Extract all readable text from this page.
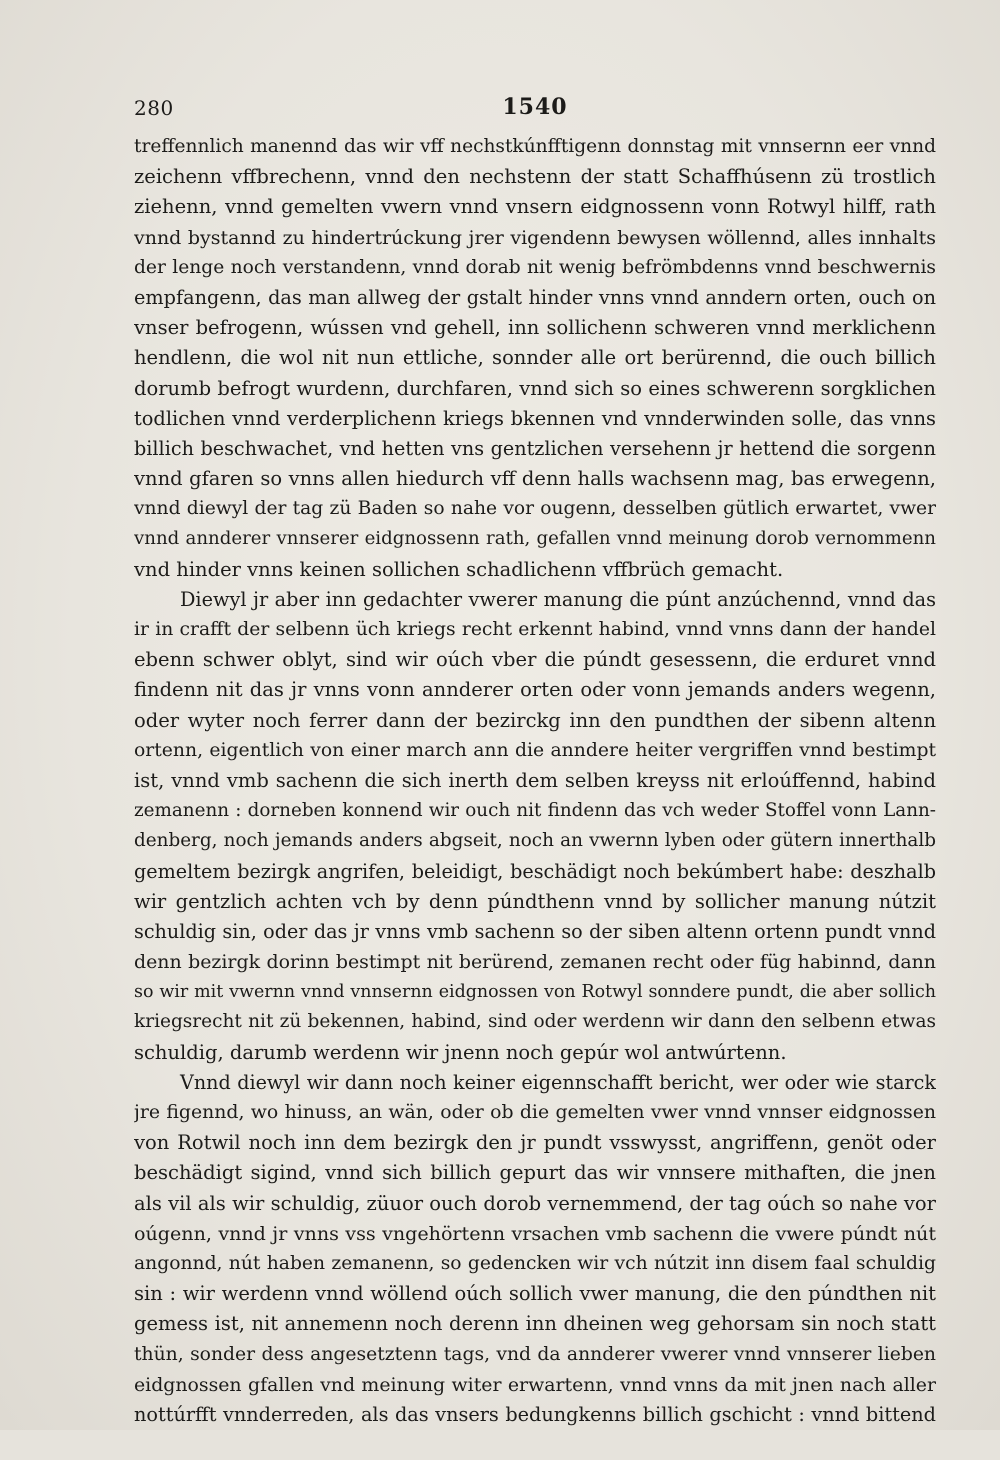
280	1540
treffennlich manennd das wir vff nechstkúnfftigenn donnstag mit vnnsernn eer vnnd
zeichenn vffbrechenn, vnnd den nechstenn der statt Schaffhúsenn zü trostlich
ziehenn, vnnd gemelten vwern vnnd vnsern eidgnossenn vonn Rotwyl hilff, rath
vnnd bystannd zu hindertrúckung jrer vigendenn bewysen wöllennd, alles innhalts
der lenge noch verstandenn, vnnd dorab nit wenig befrömbdenns vnnd beschwernis
empfangenn, das man allweg der gstalt hinder vnns vnnd anndern orten, ouch on
vnser befrogenn, wússen vnd gehell, inn sollichenn schweren vnnd merklichenn
hendlenn, die wol nit nun ettliche, sonnder alle ort berürennd, die ouch billich
dorumb befrogt wurdenn, durchfaren, vnnd sich so eines schwerenn sorgklichen
todlichen vnnd verderplichenn kriegs bkennen vnd vnnderwinden solle, das vnns
billich beschwachet, vnd hetten vns gentzlichen versehenn jr hettend die sorgenn
vnnd gfaren so vnns allen hiedurch vff denn halls wachsenn mag, bas erwegenn,
vnnd diewyl der tag zü Baden so nahe vor ougenn, desselben gütlich erwartet, vwer
vnnd annderer vnnserer eidgnossenn rath, gefallen vnnd meinung dorob vernommenn
vnd hinder vnns keinen sollichen schadlichenn vffbrüch gemacht.
Diewyl jr aber inn gedachter vwerer manung die púnt anzúchennd, vnnd das
ir in crafft der selbenn üch kriegs recht erkennt habind, vnnd vnns dann der handel
ebenn schwer oblyt, sind wir oúch vber die púndt gesessenn, die erduret vnnd
findenn nit das jr vnns vonn annderer orten oder vonn jemands anders wegenn,
oder wyter noch ferrer dann der bezirckg inn den pundthen der sibenn altenn
ortenn, eigentlich von einer march ann die anndere heiter vergriffen vnnd bestimpt
ist, vnnd vmb sachenn die sich inerth dem selben kreyss nit erloúffennd, habind
zemanenn : dorneben konnend wir ouch nit findenn das vch weder Stoffel vonn Lann-
denberg, noch jemands anders abgseit, noch an vwernn lyben oder gütern innerthalb
gemeltem bezirgk angrifen, beleidigt, beschädigt noch bekúmbert habe: deszhalb
wir gentzlich achten vch by denn púndthenn vnnd by sollicher manung nútzit
schuldig sin, oder das jr vnns vmb sachenn so der siben altenn ortenn pundt vnnd
denn bezirgk dorinn bestimpt nit berürend, zemanen recht oder füg habinnd, dann
so wir mit vwernn vnnd vnnsernn eidgnossen von Rotwyl sonndere pundt, die aber sollich
kriegsrecht nit zü bekennen, habind, sind oder werdenn wir dann den selbenn etwas
schuldig, darumb werdenn wir jnenn noch gepúr wol antwúrtenn.
Vnnd diewyl wir dann noch keiner eigennschafft bericht, wer oder wie starck
jre figennd, wo hinuss, an wän, oder ob die gemelten vwer vnnd vnnser eidgnossen
von Rotwil noch inn dem bezirgk den jr pundt vsswysst, angriffenn, genöt oder
beschädigt sigind, vnnd sich billich gepurt das wir vnnsere mithaften, die jnen
als vil als wir schuldig, züuor ouch dorob vernemmend, der tag oúch so nahe vor
oúgenn, vnnd jr vnns vss vngehörtenn vrsachen vmb sachenn die vwere púndt nút
angonnd, nút haben zemanenn, so gedencken wir vch nútzit inn disem faal schuldig
sin : wir werdenn vnnd wöllend oúch sollich vwer manung, die den púndthen nit
gemess ist, nit annemenn noch derenn inn dheinen weg gehorsam sin noch statt
thün, sonder dess angesetztenn tags, vnd da annderer vwerer vnnd vnnserer lieben
eidgnossen gfallen vnd meinung witer erwartenn, vnnd vnns da mit jnen nach aller
nottúrfft vnnderreden, als das vnsers bedungkenns billich gschicht : vnnd bittend
